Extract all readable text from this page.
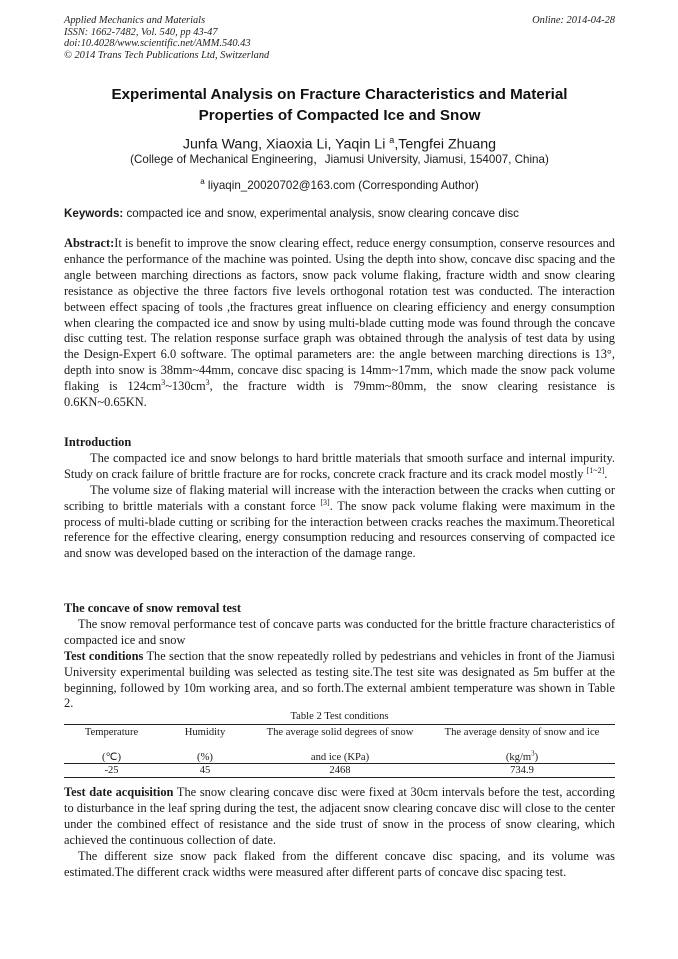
Applied Mechanics and Materials
ISSN: 1662-7482, Vol. 540, pp 43-47
doi:10.4028/www.scientific.net/AMM.540.43
© 2014 Trans Tech Publications Ltd, Switzerland
Online: 2014-04-28
Experimental Analysis on Fracture Characteristics and Material
Properties of Compacted Ice and Snow
Junfa Wang, Xiaoxia Li, Yaqin Li $^a$,Tengfei Zhuang
(College of Mechanical Engineering，Jiamusi University, Jiamusi, 154007, China)
$^a$ liyaqin_20020702@163.com (Corresponding Author)
Keywords: compacted ice and snow, experimental analysis, snow clearing concave disc

Abstract:It is benefit to improve the snow clearing effect, reduce energy consumption, conserve resources and enhance the performance of the machine was pointed. Using the depth into show, concave disc spacing and the angle between marching directions as factors, snow pack volume flaking, fracture width and snow clearing resistance as objective the three factors five levels orthogonal rotation test was conducted. The interaction between effect spacing of tools ,the fractures great influence on clearing efficiency and energy consumption when clearing the compacted ice and snow by using multi-blade cutting mode was found through the concave disc cutting test. The relation response surface graph was obtained through the analysis of test data by using the Design-Expert 6.0 software. The optimal parameters are: the angle between marching directions is 13°, depth into snow is 38mm~44mm, concave disc spacing is 14mm~17mm, which made the snow pack volume flaking is $124cm^3\sim 130cm^3$, the fracture width is 79mm~80mm, the snow clearing resistance is 0.6KN~0.65KN.

Introduction

The compacted ice and snow belongs to hard brittle materials that smooth surface and internal impurity. Study on crack failure of brittle fracture are for rocks, concrete crack fracture and its crack model mostly [1~2].

The volume size of flaking material will increase with the interaction between the cracks when cutting or scribing to brittle materials with a constant force [3]. The snow pack volume flaking were maximum in the process of multi-blade cutting or scribing for the interaction between cracks reaches the maximum.Theoretical reference for the effective clearing, energy consumption reducing and resources conserving of compacted ice and snow was developed based on the interaction of the damage range.

The concave of snow removal test

The snow removal performance test of concave parts was conducted for the brittle fracture characteristics of compacted ice and snow

Test conditions The section that the snow repeatedly rolled by pedestrians and vehicles in front of the Jiamusi University experimental building was selected as testing site.The test site was designated as 5m buffer at the beginning, followed by 10m working area, and so forth.The external ambient temperature was shown in Table 2.

Table 2 Test conditions
Temperature	Humidity	The average solid degrees of snow	The average density of snow and ice
(℃)	(%)	and ice (KPa)	$(kg/m^3)$
-25	45	2468	734.9

Test date acquisition The snow clearing concave disc were fixed at 30cm intervals before the test, according to disturbance in the leaf spring during the test, the adjacent snow clearing concave disc will close to the center under the combined effect of resistance and the side trust of snow in the process of snow clearing, which achieved the continuous collection of date.

The different size snow pack flaked from the different concave disc spacing, and its volume was estimated.The different crack widths were measured after different parts of concave disc spacing test.
